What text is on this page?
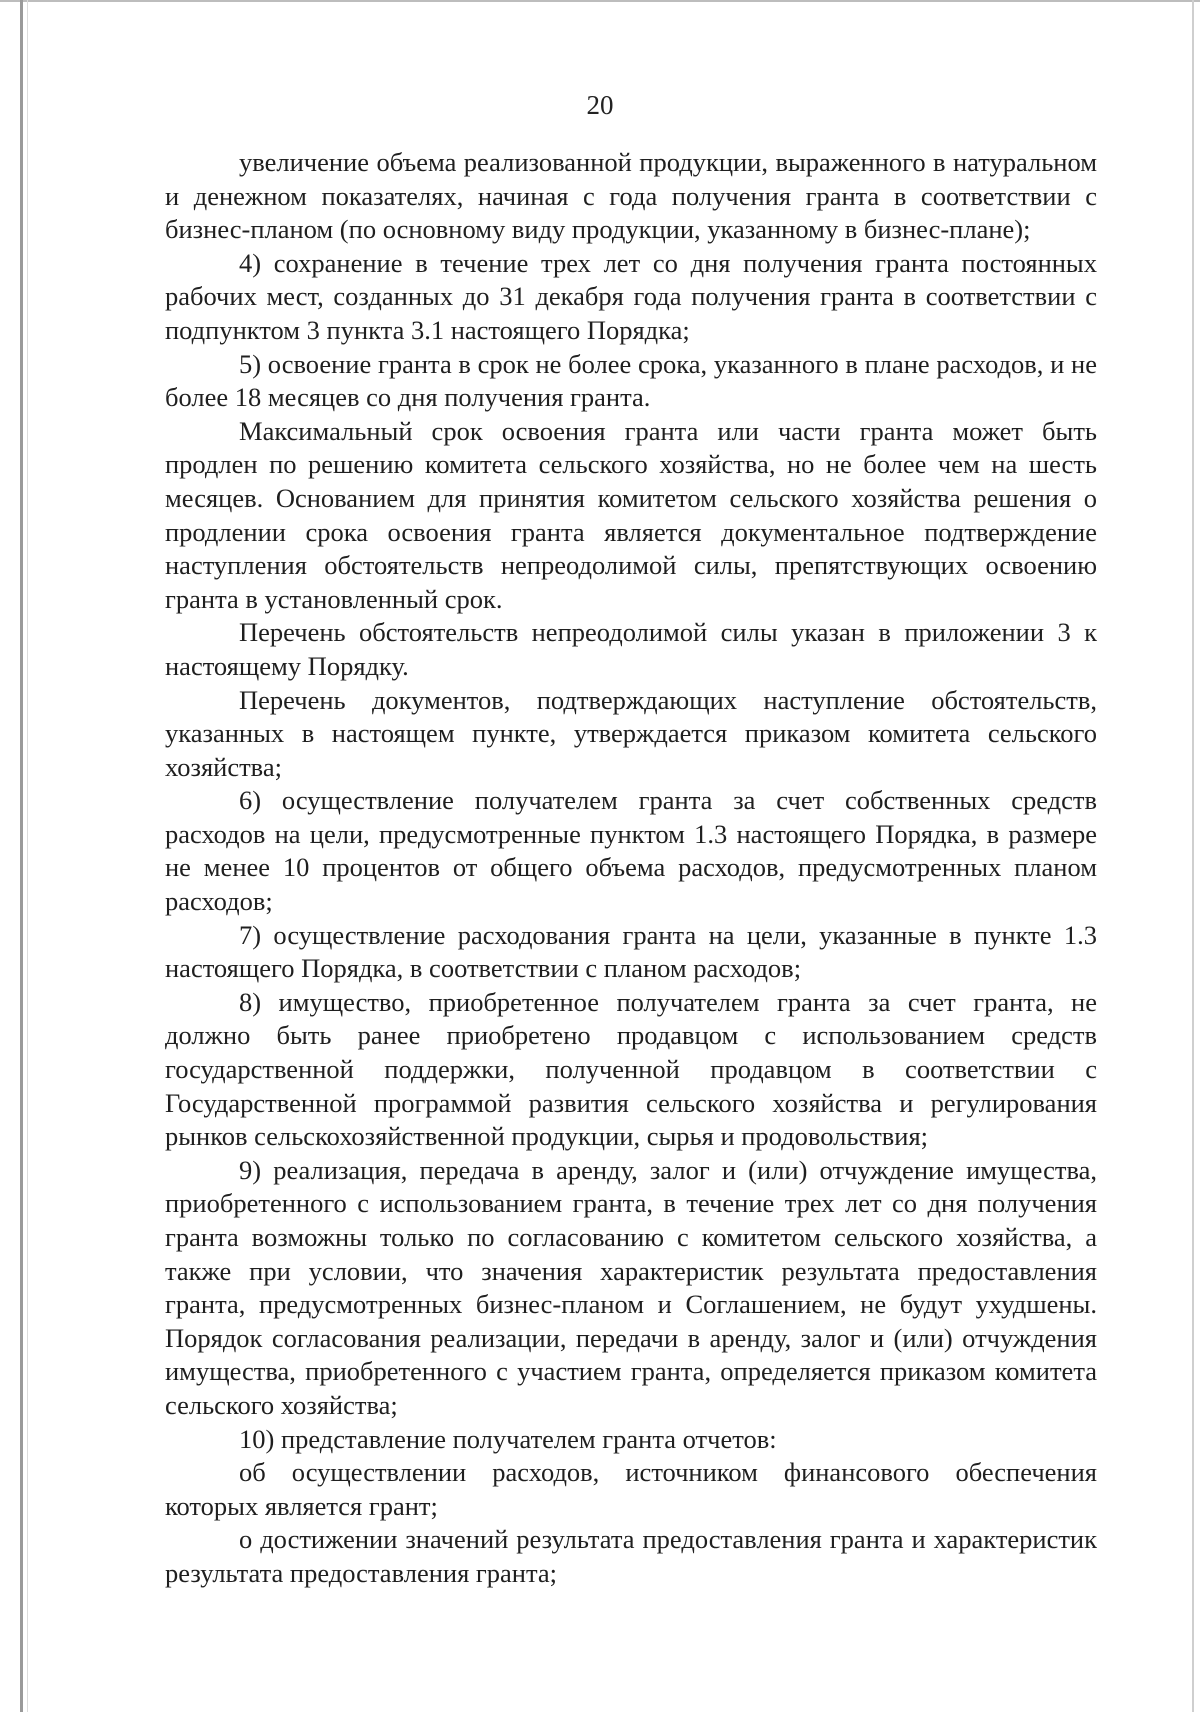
20

увеличение объема реализованной продукции, выраженного в натуральном и денежном показателях, начиная с года получения гранта в соответствии с бизнес-планом (по основному виду продукции, указанному в бизнес-плане);

4) сохранение в течение трех лет со дня получения гранта постоянных рабочих мест, созданных до 31 декабря года получения гранта в соответствии с подпунктом 3 пункта 3.1 настоящего Порядка;

5) освоение гранта в срок не более срока, указанного в плане расходов, и не более 18 месяцев со дня получения гранта.

Максимальный срок освоения гранта или части гранта может быть продлен по решению комитета сельского хозяйства, но не более чем на шесть месяцев. Основанием для принятия комитетом сельского хозяйства решения о продлении срока освоения гранта является документальное подтверждение наступления обстоятельств непреодолимой силы, препятствующих освоению гранта в установленный срок.

Перечень обстоятельств непреодолимой силы указан в приложении 3 к настоящему Порядку.

Перечень документов, подтверждающих наступление обстоятельств, указанных в настоящем пункте, утверждается приказом комитета сельского хозяйства;

6) осуществление получателем гранта за счет собственных средств расходов на цели, предусмотренные пунктом 1.3 настоящего Порядка, в размере не менее 10 процентов от общего объема расходов, предусмотренных планом расходов;

7) осуществление расходования гранта на цели, указанные в пункте 1.3 настоящего Порядка, в соответствии с планом расходов;

8) имущество, приобретенное получателем гранта за счет гранта, не должно быть ранее приобретено продавцом с использованием средств государственной поддержки, полученной продавцом в соответствии с Государственной программой развития сельского хозяйства и регулирования рынков сельскохозяйственной продукции, сырья и продовольствия;

9) реализация, передача в аренду, залог и (или) отчуждение имущества, приобретенного с использованием гранта, в течение трех лет со дня получения гранта возможны только по согласованию с комитетом сельского хозяйства, а также при условии, что значения характеристик результата предоставления гранта, предусмотренных бизнес-планом и Соглашением, не будут ухудшены. Порядок согласования реализации, передачи в аренду, залог и (или) отчуждения имущества, приобретенного с участием гранта, определяется приказом комитета сельского хозяйства;

10) представление получателем гранта отчетов:

об осуществлении расходов, источником финансового обеспечения которых является грант;

о достижении значений результата предоставления гранта и характеристик результата предоставления гранта;
